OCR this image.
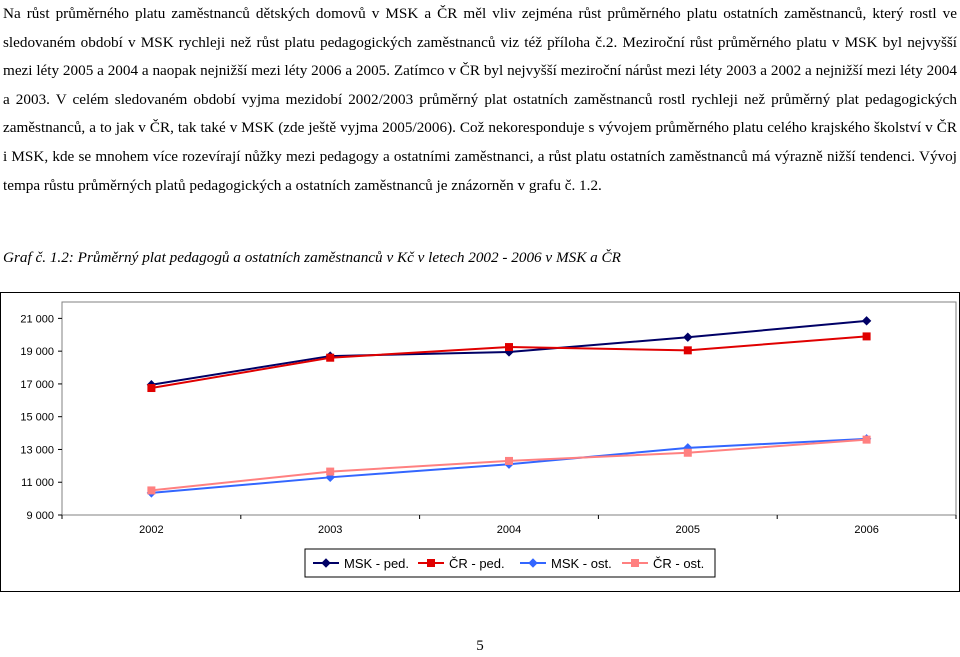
Na růst průměrného platu zaměstnanců dětských domovů v MSK a ČR měl vliv zejména růst průměrného platu ostatních zaměstnanců, který rostl ve sledovaném období v MSK rychleji než růst platu pedagogických zaměstnanců viz též příloha č.2. Meziroční růst průměrného platu v MSK byl nejvyšší mezi léty 2005 a 2004 a naopak nejnižší mezi léty 2006 a 2005. Zatímco v ČR byl nejvyšší meziroční nárůst mezi léty 2003 a 2002 a nejnižší mezi léty 2004 a 2003. V celém sledovaném období vyjma mezidobí 2002/2003 průměrný plat ostatních zaměstnanců rostl rychleji než průměrný plat pedagogických zaměstnanců, a to jak v ČR, tak také v MSK (zde ještě vyjma 2005/2006). Což nekoresponduje s vývojem průměrného platu celého krajského školství v ČR i MSK, kde se mnohem více rozevírají nůžky mezi pedagogy a ostatními zaměstnanci, a růst platu ostatních zaměstnanců má výrazně nižší tendenci. Vývoj tempa růstu průměrných platů pedagogických a ostatních zaměstnanců je znázorněn v grafu č. 1.2.
Graf č. 1.2: Průměrný plat pedagogů a ostatních zaměstnanců v Kč v letech 2002 - 2006 v MSK a ČR
9 000
11 000
13 000
15 000
17 000
19 000
21 000
2002	2003	2004	2005	2006
MSK - ped.	ČR - ped.	MSK - ost.	ČR - ost.
5
